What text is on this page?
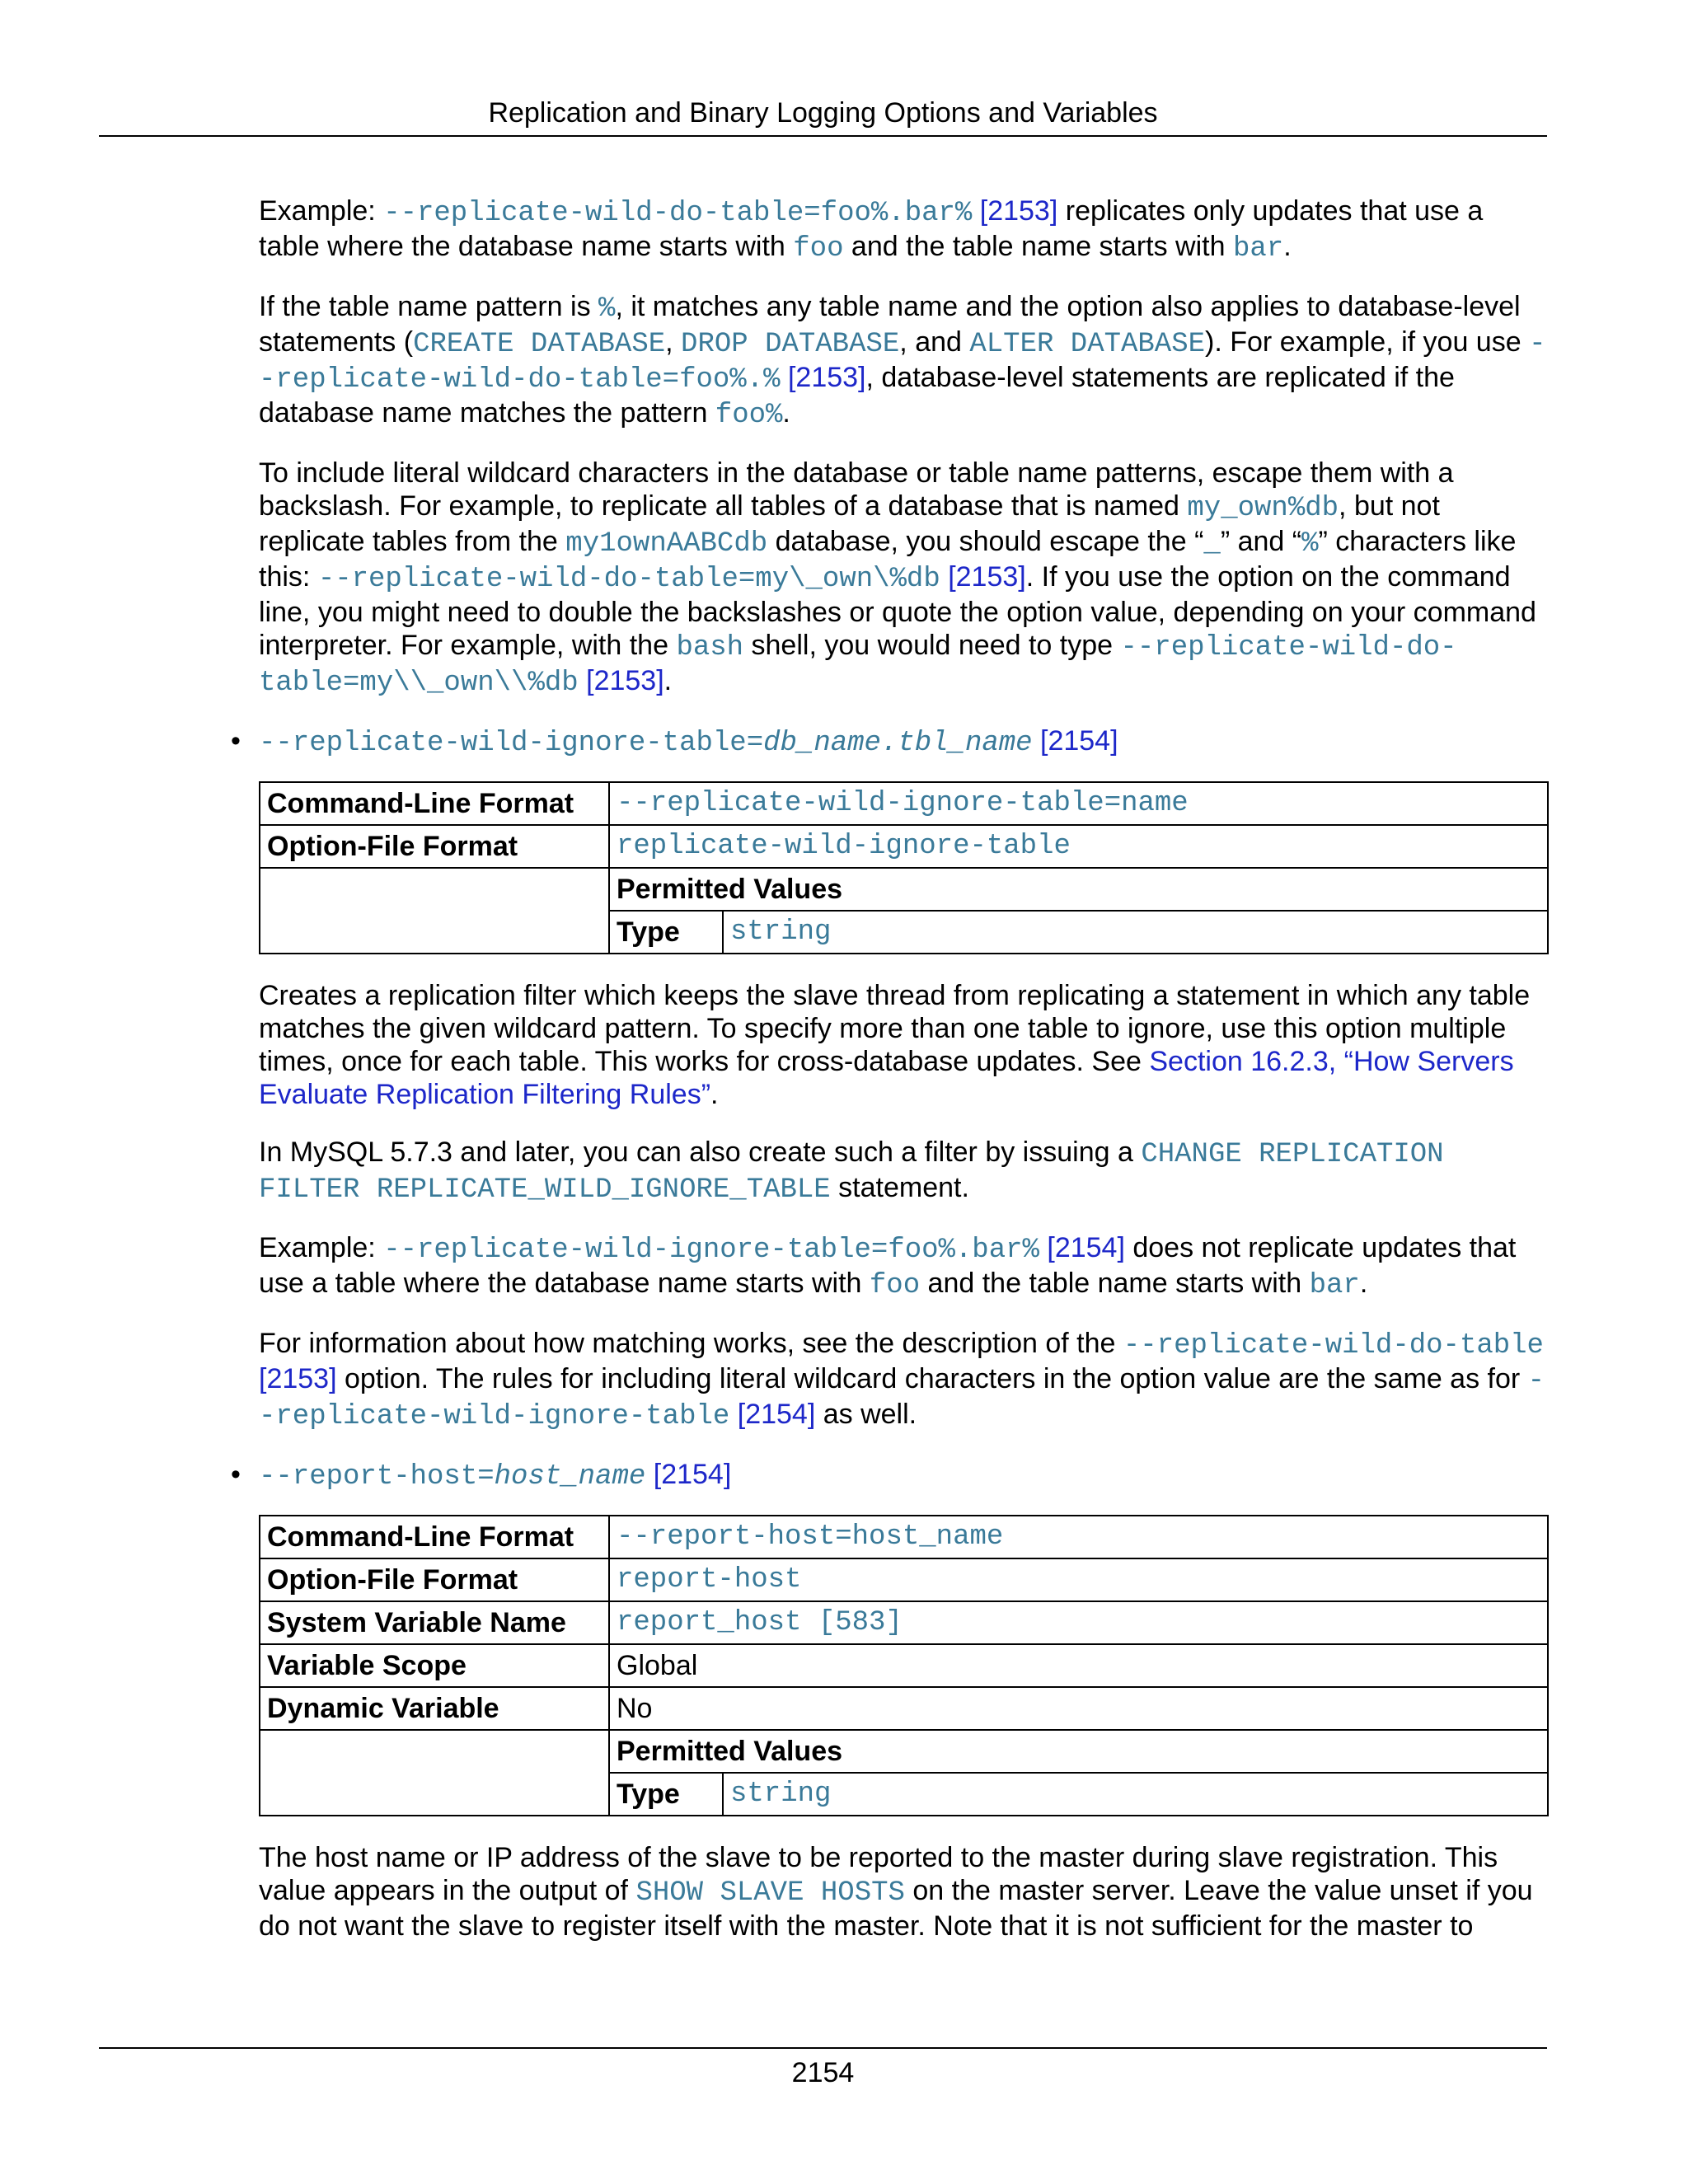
Replication and Binary Logging Options and Variables

Example: --replicate-wild-do-table=foo%.bar% [2153] replicates only updates that use a table where the database name starts with foo and the table name starts with bar.

If the table name pattern is %, it matches any table name and the option also applies to database-level statements (CREATE DATABASE, DROP DATABASE, and ALTER DATABASE). For example, if you use --replicate-wild-do-table=foo%.% [2153], database-level statements are replicated if the database name matches the pattern foo%.

To include literal wildcard characters in the database or table name patterns, escape them with a backslash. For example, to replicate all tables of a database that is named my_own%db, but not replicate tables from the my1ownAABCdb database, you should escape the “_” and “%” characters like this: --replicate-wild-do-table=my\_own\%db [2153]. If you use the option on the command line, you might need to double the backslashes or quote the option value, depending on your command interpreter. For example, with the bash shell, you would need to type --replicate-wild-do-table=my\\_own\\%db [2153].

• --replicate-wild-ignore-table=db_name.tbl_name [2154]
Command-Line Format	--replicate-wild-ignore-table=name
Option-File Format	replicate-wild-ignore-table

Permitted Values
Type	string

Creates a replication filter which keeps the slave thread from replicating a statement in which any table matches the given wildcard pattern. To specify more than one table to ignore, use this option multiple times, once for each table. This works for cross-database updates. See Section 16.2.3, “How Servers Evaluate Replication Filtering Rules”.

In MySQL 5.7.3 and later, you can also create such a filter by issuing a CHANGE REPLICATION FILTER REPLICATE_WILD_IGNORE_TABLE statement.

Example: --replicate-wild-ignore-table=foo%.bar% [2154] does not replicate updates that use a table where the database name starts with foo and the table name starts with bar.

For information about how matching works, see the description of the --replicate-wild-do-table [2153] option. The rules for including literal wildcard characters in the option value are the same as for --replicate-wild-ignore-table [2154] as well.

• --report-host=host_name [2154]
Command-Line Format	--report-host=host_name
Option-File Format	report-host
System Variable Name	report_host [583]
Variable Scope	Global
Dynamic Variable	No

Permitted Values
Type	string

The host name or IP address of the slave to be reported to the master during slave registration. This value appears in the output of SHOW SLAVE HOSTS on the master server. Leave the value unset if you do not want the slave to register itself with the master. Note that it is not sufficient for the master to

2154
